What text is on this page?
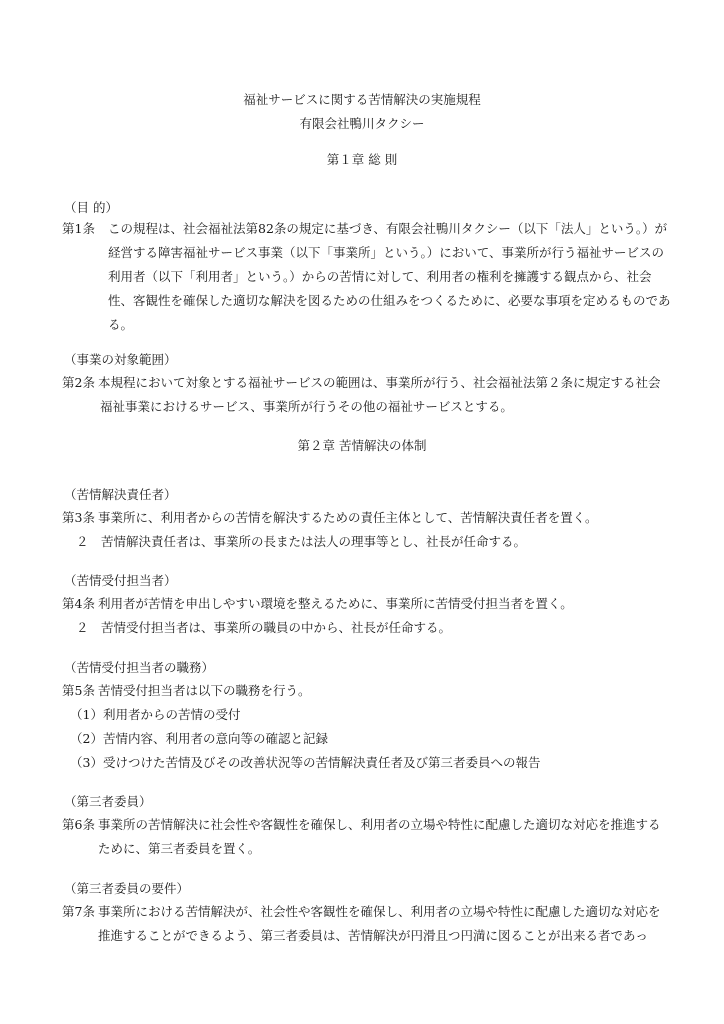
福祉サービスに関する苦情解決の実施規程
有限会社鴨川タクシー
第１章 総 則
（目 的）
第1条 この規程は、社会福祉法第82条の規定に基づき、有限会社鴨川タクシー（以下「法人」という。）が
経営する障害福祉サービス事業（以下「事業所」という。）において、事業所が行う福祉サービスの
利用者（以下「利用者」という。）からの苦情に対して、利用者の権利を擁護する観点から、社会
性、客観性を確保した適切な解決を図るための仕組みをつくるために、必要な事項を定めるものであ
る。
（事業の対象範囲）
第2条 本規程において対象とする福祉サービスの範囲は、事業所が行う、社会福祉法第２条に規定する社会
福祉事業におけるサービス、事業所が行うその他の福祉サービスとする。
第２章 苦情解決の体制
（苦情解決責任者）
第3条 事業所に、利用者からの苦情を解決するための責任主体として、苦情解決責任者を置く。
２　苦情解決責任者は、事業所の長または法人の理事等とし、社長が任命する。
（苦情受付担当者）
第4条 利用者が苦情を申出しやすい環境を整えるために、事業所に苦情受付担当者を置く。
２　苦情受付担当者は、事業所の職員の中から、社長が任命する。
（苦情受付担当者の職務）
第5条 苦情受付担当者は以下の職務を行う。
（1）利用者からの苦情の受付
（2）苦情内容、利用者の意向等の確認と記録
（3）受けつけた苦情及びその改善状況等の苦情解決責任者及び第三者委員への報告
（第三者委員）
第6条 事業所の苦情解決に社会性や客観性を確保し、利用者の立場や特性に配慮した適切な対応を推進する
ために、第三者委員を置く。
（第三者委員の要件）
第7条 事業所における苦情解決が、社会性や客観性を確保し、利用者の立場や特性に配慮した適切な対応を
推進することができるよう、第三者委員は、苦情解決が円滑且つ円満に図ることが出来る者であっ
